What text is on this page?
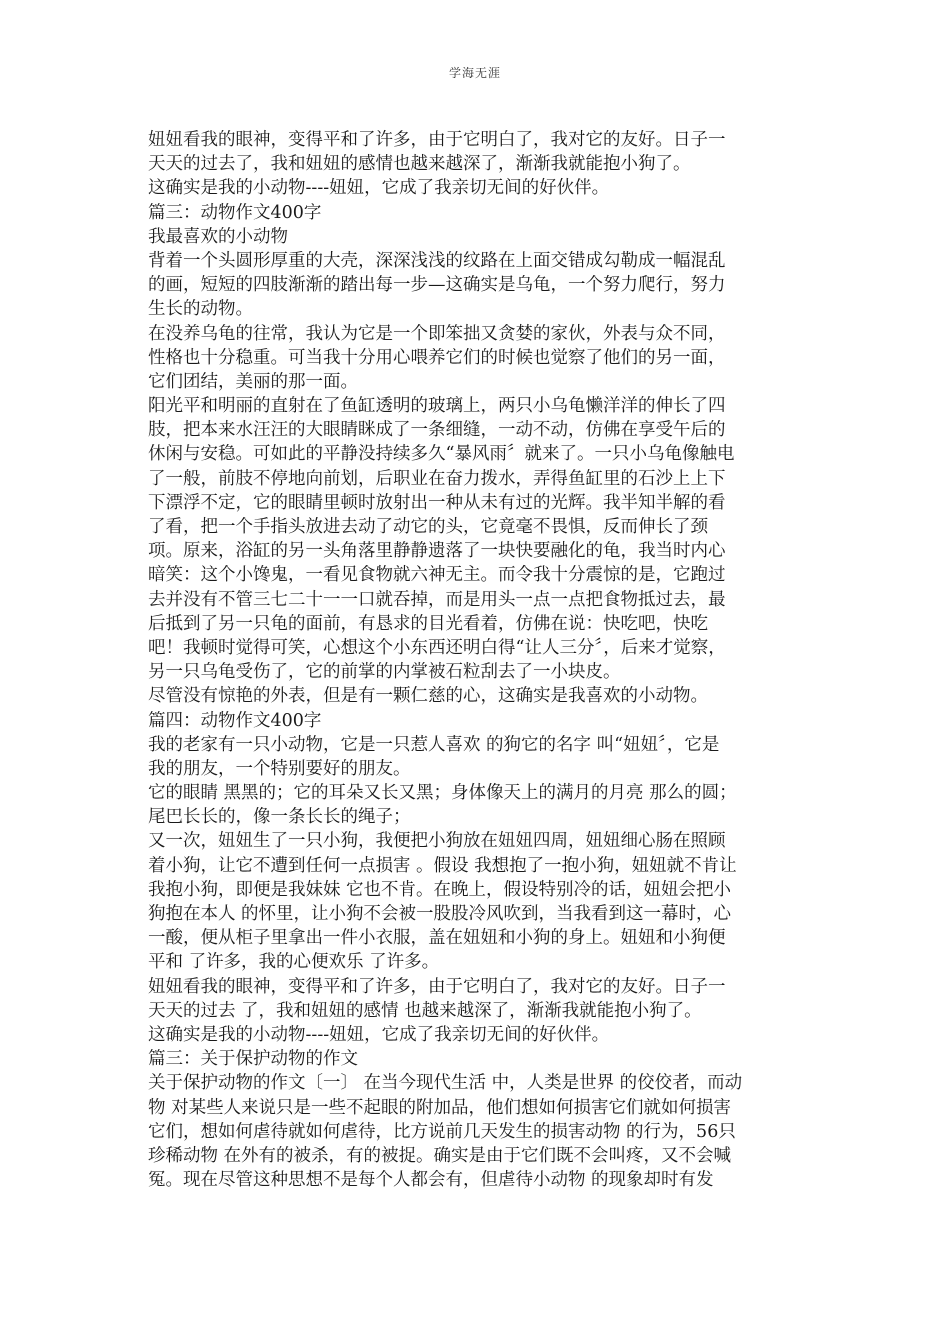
学海无涯
妞妞看我的眼神，变得平和了许多，由于它明白了，我对它的友好。日子一
天天的过去了，我和妞妞的感情也越来越深了，渐渐我就能抱小狗了。
这确实是我的小动物----妞妞，它成了我亲切无间的好伙伴。
篇三：动物作文400字
我最喜欢的小动物
背着一个头圆形厚重的大壳，深深浅浅的纹路在上面交错成勾勒成一幅混乱
的画，短短的四肢渐渐的踏出每一步—这确实是乌龟，一个努力爬行，努力
生长的动物。
在没养乌龟的往常，我认为它是一个即笨拙又贪婪的家伙，外表与众不同，
性格也十分稳重。可当我十分用心喂养它们的时候也觉察了他们的另一面，
它们团结，美丽的那一面。
阳光平和明丽的直射在了鱼缸透明的玻璃上，两只小乌龟懒洋洋的伸长了四
肢，把本来水汪汪的大眼睛眯成了一条细缝，一动不动，仿佛在享受午后的
休闲与安稳。可如此的平静没持续多久“暴风雨〞就来了。一只小乌龟像触电
了一般，前肢不停地向前划，后职业在奋力拨水，弄得鱼缸里的石沙上上下
下漂浮不定，它的眼睛里顿时放射出一种从未有过的光辉。我半知半解的看
了看，把一个手指头放进去动了动它的头，它竟毫不畏惧，反而伸长了颈
项。原来，浴缸的另一头角落里静静遗落了一块快要融化的龟，我当时内心
暗笑：这个小馋鬼，一看见食物就六神无主。而令我十分震惊的是，它跑过
去并没有不管三七二十一一口就吞掉，而是用头一点一点把食物抵过去，最
后抵到了另一只龟的面前，有恳求的目光看着，仿佛在说：快吃吧，快吃
吧！我顿时觉得可笑，心想这个小东西还明白得“让人三分〞，后来才觉察，
另一只乌龟受伤了，它的前掌的内掌被石粒刮去了一小块皮。
尽管没有惊艳的外表，但是有一颗仁慈的心，这确实是我喜欢的小动物。
篇四：动物作文400字
我的老家有一只小动物，它是一只惹人喜欢 的狗它的名字 叫“妞妞〞，它是
我的朋友，一个特别要好的朋友。
它的眼睛 黑黑的；它的耳朵又长又黑；身体像天上的满月的月亮 那么的圆；
尾巴长长的，像一条长长的绳子；
又一次，妞妞生了一只小狗，我便把小狗放在妞妞四周，妞妞细心肠在照顾
着小狗，让它不遭到任何一点损害 。假设 我想抱了一抱小狗，妞妞就不肯让
我抱小狗，即便是我妹妹 它也不肯。在晚上，假设特别冷的话，妞妞会把小
狗抱在本人 的怀里，让小狗不会被一股股冷风吹到，当我看到这一幕时，心
一酸，便从柜子里拿出一件小衣服，盖在妞妞和小狗的身上。妞妞和小狗便
平和 了许多，我的心便欢乐 了许多。
妞妞看我的眼神，变得平和了许多，由于它明白了，我对它的友好。日子一
天天的过去 了，我和妞妞的感情 也越来越深了，渐渐我就能抱小狗了。
这确实是我的小动物----妞妞，它成了我亲切无间的好伙伴。
篇三：关于保护动物的作文
关于保护动物的作文〔一〕 在当今现代生活 中，人类是世界 的佼佼者，而动
物 对某些人来说只是一些不起眼的附加品，他们想如何损害它们就如何损害
它们，想如何虐待就如何虐待，比方说前几天发生的损害动物 的行为，56只
珍稀动物 在外有的被杀，有的被捉。确实是由于它们既不会叫疼，又不会喊
冤。现在尽管这种思想不是每个人都会有，但虐待小动物 的现象却时有发
